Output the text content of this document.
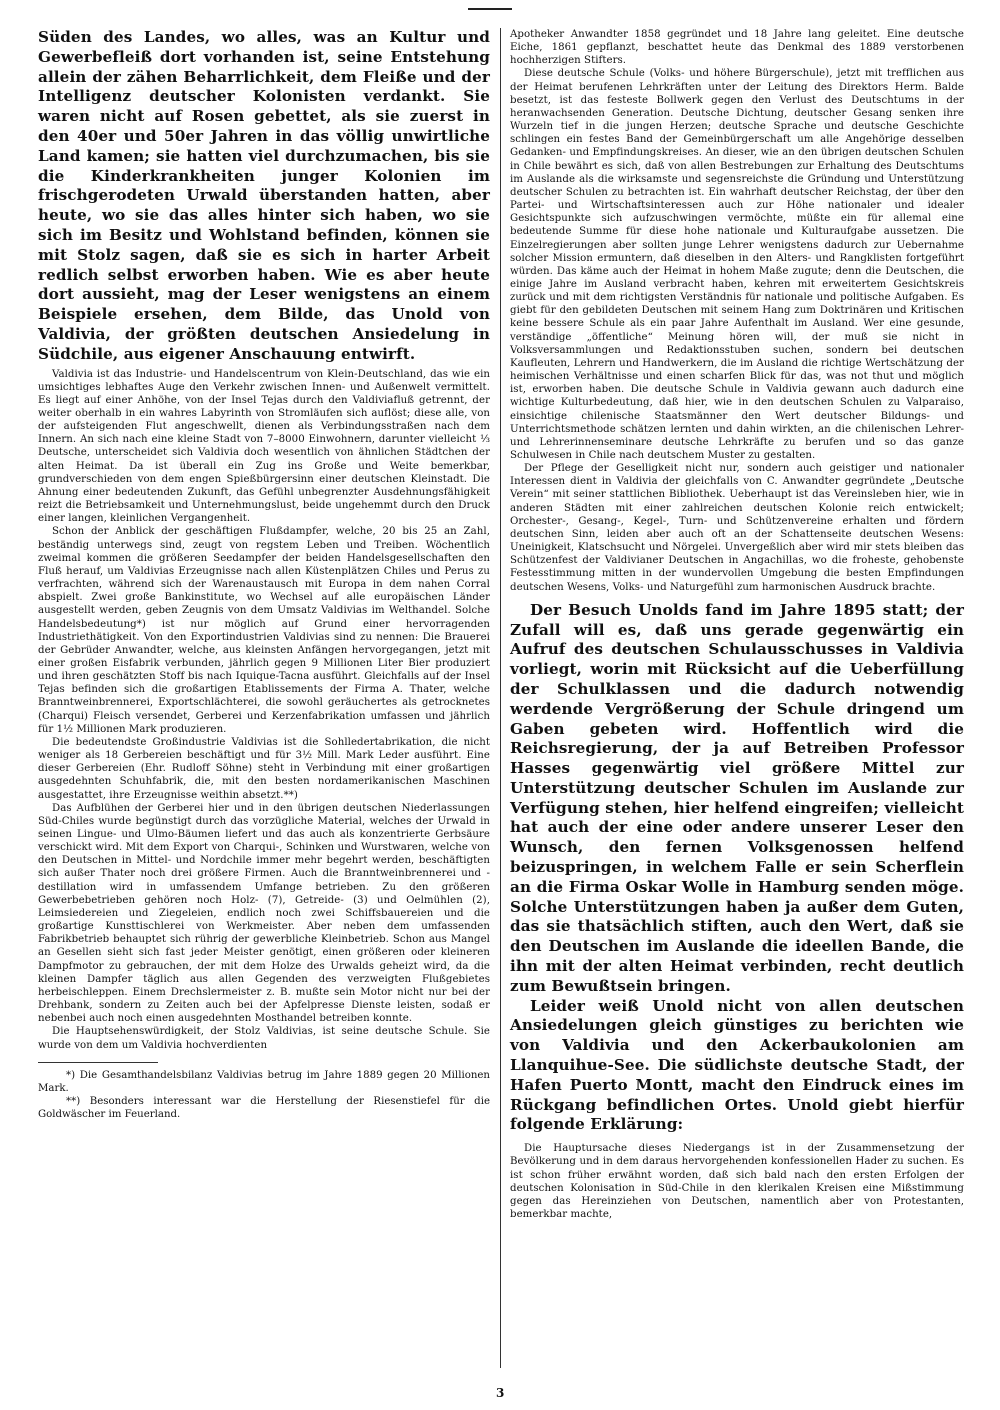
Süden des Landes, wo alles, was an Kultur und Gewerbefleiß dort vorhanden ist, seine Entstehung allein der zähen Beharrlichkeit, dem Fleiße und der Intelligenz deutscher Kolonisten verdankt. Sie waren nicht auf Rosen gebettet, als sie zuerst in den 40er und 50er Jahren in das völlig unwirtliche Land kamen; sie hatten viel durchzumachen, bis sie die Kinderkrankheiten junger Kolonien im frischgerodeten Urwald überstanden hatten, aber heute, wo sie das alles hinter sich haben, wo sie sich im Besitz und Wohlstand befinden, können sie mit Stolz sagen, daß sie es sich in harter Arbeit redlich selbst erworben haben. Wie es aber heute dort aussieht, mag der Leser wenigstens an einem Beispiele ersehen, dem Bilde, das Unold von Valdivia, der größten deutschen Ansiedelung in Südchile, aus eigener Anschauung entwirft.

Valdivia ist das Industrie- und Handelscentrum von Klein-Deutschland, das wie ein umsichtiges lebhaftes Auge den Verkehr zwischen Innen- und Außenwelt vermittelt. Es liegt auf einer Anhöhe, von der Insel Tejas durch den Valdiviafluß getrennt, der weiter oberhalb in ein wahres Labyrinth von Stromläufen sich auflöst; diese alle, von der aufsteigenden Flut angeschwellt, dienen als Verbindungsstraßen nach dem Innern. An sich nach eine kleine Stadt von 7–8000 Einwohnern, darunter vielleicht ⅓ Deutsche, unterscheidet sich Valdivia doch wesentlich von ähnlichen Städtchen der alten Heimat. Da ist überall ein Zug ins Große und Weite bemerkbar, grundverschieden von dem engen Spießbürgersinn einer deutschen Kleinstadt. Die Ahnung einer bedeutenden Zukunft, das Gefühl unbegrenzter Ausdehnungsfähigkeit reizt die Betriebsamkeit und Unternehmungslust, beide ungehemmt durch den Druck einer langen, kleinlichen Vergangenheit.

Schon der Anblick der geschäftigen Flußdampfer, welche, 20 bis 25 an Zahl, beständig unterwegs sind, zeugt von regstem Leben und Treiben. Wöchentlich zweimal kommen die größeren Seedampfer der beiden Handelsgesellschaften den Fluß herauf, um Valdivias Erzeugnisse nach allen Küstenplätzen Chiles und Perus zu verfrachten, während sich der Warenaustausch mit Europa in dem nahen Corral abspielt. Zwei große Bankinstitute, wo Wechsel auf alle europäischen Länder ausgestellt werden, geben Zeugnis von dem Umsatz Valdivias im Welthandel. Solche Handelsbedeutung*) ist nur möglich auf Grund einer hervorragenden Industriethätigkeit. Von den Exportindustrien Valdivias sind zu nennen: Die Brauerei der Gebrüder Anwandter, welche, aus kleinsten Anfängen hervorgegangen, jetzt mit einer großen Eisfabrik verbunden, jährlich gegen 9 Millionen Liter Bier produziert und ihren geschätzten Stoff bis nach Iquique-Tacna ausführt. Gleichfalls auf der Insel Tejas befinden sich die großartigen Etablissements der Firma A. Thater, welche Branntweinbrennerei, Exportschlächterei, die sowohl geräuchertes als getrocknetes (Charqui) Fleisch versendet, Gerberei und Kerzenfabrikation umfassen und jährlich für 1½ Millionen Mark produzieren.

Die bedeutendste Großindustrie Valdivias ist die Sohlledertabrikation, die nicht weniger als 18 Gerbereien beschäftigt und für 3½ Mill. Mark Leder ausführt. Eine dieser Gerbereien (Ehr. Rudloff Söhne) steht in Verbindung mit einer großartigen ausgedehnten Schuhfabrik, die, mit den besten nordamerikanischen Maschinen ausgestattet, ihre Erzeugnisse weithin absetzt.**)

Das Aufblühen der Gerberei hier und in den übrigen deutschen Niederlassungen Süd-Chiles wurde begünstigt durch das vorzügliche Material, welches der Urwald in seinen Lingue- und Ulmo-Bäumen liefert und das auch als konzentrierte Gerbsäure verschickt wird. Mit dem Export von Charqui-, Schinken und Wurstwaren, welche von den Deutschen in Mittel- und Nordchile immer mehr begehrt werden, beschäftigten sich außer Thater noch drei größere Firmen. Auch die Branntweinbrennerei und -destillation wird in umfassendem Umfange betrieben. Zu den größeren Gewerbebetrieben gehören noch Holz- (7), Getreide- (3) und Oelmühlen (2), Leimsiedereien und Ziegeleien, endlich noch zwei Schiffsbauereien und die großartige Kunsttischlerei von Werkmeister. Aber neben dem umfassenden Fabrikbetrieb behauptet sich rührig der gewerbliche Kleinbetrieb. Schon aus Mangel an Gesellen sieht sich fast jeder Meister genötigt, einen größeren oder kleineren Dampfmotor zu gebrauchen, der mit dem Holze des Urwalds geheizt wird, da die kleinen Dampfer täglich aus allen Gegenden des verzweigten Flußgebietes herbeischleppen. Einem Drechslermeister z. B. mußte sein Motor nicht nur bei der Drehbank, sondern zu Zeiten auch bei der Apfelpresse Dienste leisten, sodaß er nebenbei auch noch einen ausgedehnten Mosthandel betreiben konnte.

Die Hauptsehenswürdigkeit, der Stolz Valdivias, ist seine deutsche Schule. Sie wurde von dem um Valdivia hochverdienten

*) Die Gesamthandelsbilanz Valdivias betrug im Jahre 1889 gegen 20 Millionen Mark.

**) Besonders interessant war die Herstellung der Riesenstiefel für die Goldwäscher im Feuerland.

Apotheker Anwandter 1858 gegründet und 18 Jahre lang geleitet. Eine deutsche Eiche, 1861 gepflanzt, beschattet heute das Denkmal des 1889 verstorbenen hochherzigen Stifters.

Diese deutsche Schule (Volks- und höhere Bürgerschule), jetzt mit trefflichen aus der Heimat berufenen Lehrkräften unter der Leitung des Direktors Herm. Balde besetzt, ist das festeste Bollwerk gegen den Verlust des Deutschtums in der heranwachsenden Generation. Deutsche Dichtung, deutscher Gesang senken ihre Wurzeln tief in die jungen Herzen; deutsche Sprache und deutsche Geschichte schlingen ein festes Band der Gemeinbürgerschaft um alle Angehörige desselben Gedanken- und Empfindungskreises. An dieser, wie an den übrigen deutschen Schulen in Chile bewährt es sich, daß von allen Bestrebungen zur Erhaltung des Deutschtums im Auslande als die wirksamste und segensreichste die Gründung und Unterstützung deutscher Schulen zu betrachten ist. Ein wahrhaft deutscher Reichstag, der über den Partei- und Wirtschaftsinteressen auch zur Höhe nationaler und idealer Gesichtspunkte sich aufzuschwingen vermöchte, müßte ein für allemal eine bedeutende Summe für diese hohe nationale und Kulturaufgabe aussetzen. Die Einzelregierungen aber sollten junge Lehrer wenigstens dadurch zur Uebernahme solcher Mission ermuntern, daß dieselben in den Alters- und Rangklisten fortgeführt würden. Das käme auch der Heimat in hohem Maße zugute; denn die Deutschen, die einige Jahre im Ausland verbracht haben, kehren mit erweitertem Gesichtskreis zurück und mit dem richtigsten Verständnis für nationale und politische Aufgaben. Es giebt für den gebildeten Deutschen mit seinem Hang zum Doktrinären und Kritischen keine bessere Schule als ein paar Jahre Aufenthalt im Ausland. Wer eine gesunde, verständige „öffentliche“ Meinung hören will, der muß sie nicht in Volksversammlungen und Redaktionsstuben suchen, sondern bei deutschen Kaufleuten, Lehrern und Handwerkern, die im Ausland die richtige Wertschätzung der heimischen Verhältnisse und einen scharfen Blick für das, was not thut und möglich ist, erworben haben. Die deutsche Schule in Valdivia gewann auch dadurch eine wichtige Kulturbedeutung, daß hier, wie in den deutschen Schulen zu Valparaiso, einsichtige chilenische Staatsmänner den Wert deutscher Bildungs- und Unterrichtsmethode schätzen lernten und dahin wirkten, an die chilenischen Lehrer- und Lehrerinnenseminare deutsche Lehrkräfte zu berufen und so das ganze Schulwesen in Chile nach deutschem Muster zu gestalten.

Der Pflege der Geselligkeit nicht nur, sondern auch geistiger und nationaler Interessen dient in Valdivia der gleichfalls von C. Anwandter gegründete „Deutsche Verein“ mit seiner stattlichen Bibliothek. Ueberhaupt ist das Vereinsleben hier, wie in anderen Städten mit einer zahlreichen deutschen Kolonie reich entwickelt; Orchester-, Gesang-, Kegel-, Turn- und Schützenvereine erhalten und fördern deutschen Sinn, leiden aber auch oft an der Schattenseite deutschen Wesens: Uneinigkeit, Klatschsucht und Nörgelei. Unvergeßlich aber wird mir stets bleiben das Schützenfest der Valdivianer Deutschen in Angachillas, wo die froheste, gehobenste Festesstimmung mitten in der wundervollen Umgebung die besten Empfindungen deutschen Wesens, Volks- und Naturgefühl zum harmonischen Ausdruck brachte.

Der Besuch Unolds fand im Jahre 1895 statt; der Zufall will es, daß uns gerade gegenwärtig ein Aufruf des deutschen Schulausschusses in Valdivia vorliegt, worin mit Rücksicht auf die Ueberfüllung der Schulklassen und die dadurch notwendig werdende Vergrößerung der Schule dringend um Gaben gebeten wird. Hoffentlich wird die Reichsregierung, der ja auf Betreiben Professor Hasses gegenwärtig viel größere Mittel zur Unterstützung deutscher Schulen im Auslande zur Verfügung stehen, hier helfend eingreifen; vielleicht hat auch der eine oder andere unserer Leser den Wunsch, den fernen Volksgenossen helfend beizuspringen, in welchem Falle er sein Scherflein an die Firma Oskar Wolle in Hamburg senden möge. Solche Unterstützungen haben ja außer dem Guten, das sie thatsächlich stiften, auch den Wert, daß sie den Deutschen im Auslande die ideellen Bande, die ihn mit der alten Heimat verbinden, recht deutlich zum Bewußtsein bringen.

Leider weiß Unold nicht von allen deutschen Ansiedelungen gleich günstiges zu berichten wie von Valdivia und den Ackerbaukolonien am Llanquihue-See. Die südlichste deutsche Stadt, der Hafen Puerto Montt, macht den Eindruck eines im Rückgang befindlichen Ortes. Unold giebt hierfür folgende Erklärung:

Die Hauptursache dieses Niedergangs ist in der Zusammensetzung der Bevölkerung und in dem daraus hervorgehenden konfessionellen Hader zu suchen. Es ist schon früher erwähnt worden, daß sich bald nach den ersten Erfolgen der deutschen Kolonisation in Süd-Chile in den klerikalen Kreisen eine Mißstimmung gegen das Hereinziehen von Deutschen, namentlich aber von Protestanten, bemerkbar machte,

3
